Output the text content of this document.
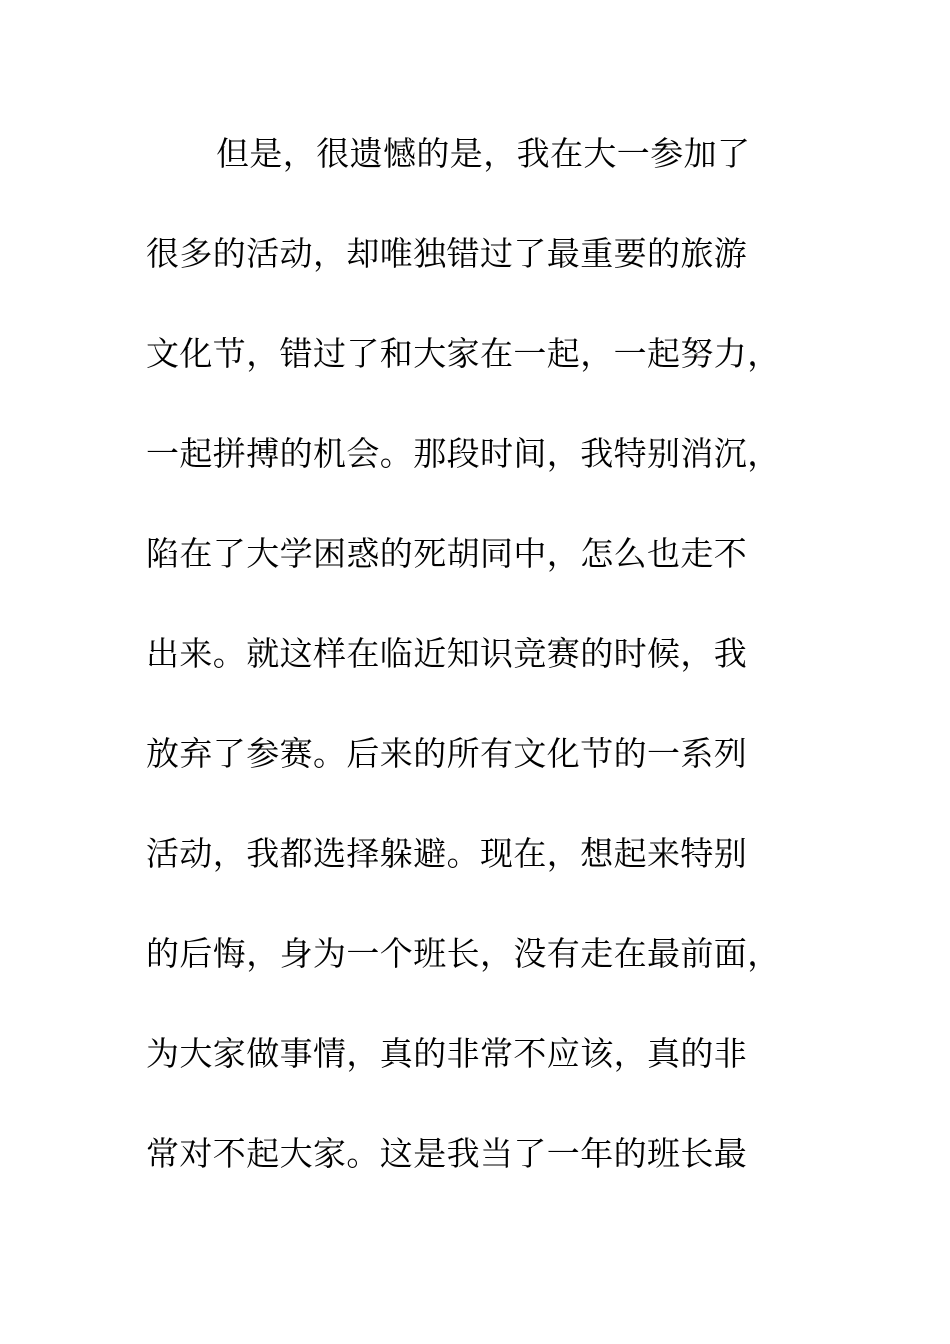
但是，很遗憾的是，我在大一参加了
很多的活动，却唯独错过了最重要的旅游
文化节，错过了和大家在一起，一起努力，
一起拼搏的机会。那段时间，我特别消沉，
陷在了大学困惑的死胡同中，怎么也走不
出来。就这样在临近知识竞赛的时候，我
放弃了参赛。后来的所有文化节的一系列
活动，我都选择躲避。现在，想起来特别
的后悔，身为一个班长，没有走在最前面，
为大家做事情，真的非常不应该，真的非
常对不起大家。这是我当了一年的班长最
